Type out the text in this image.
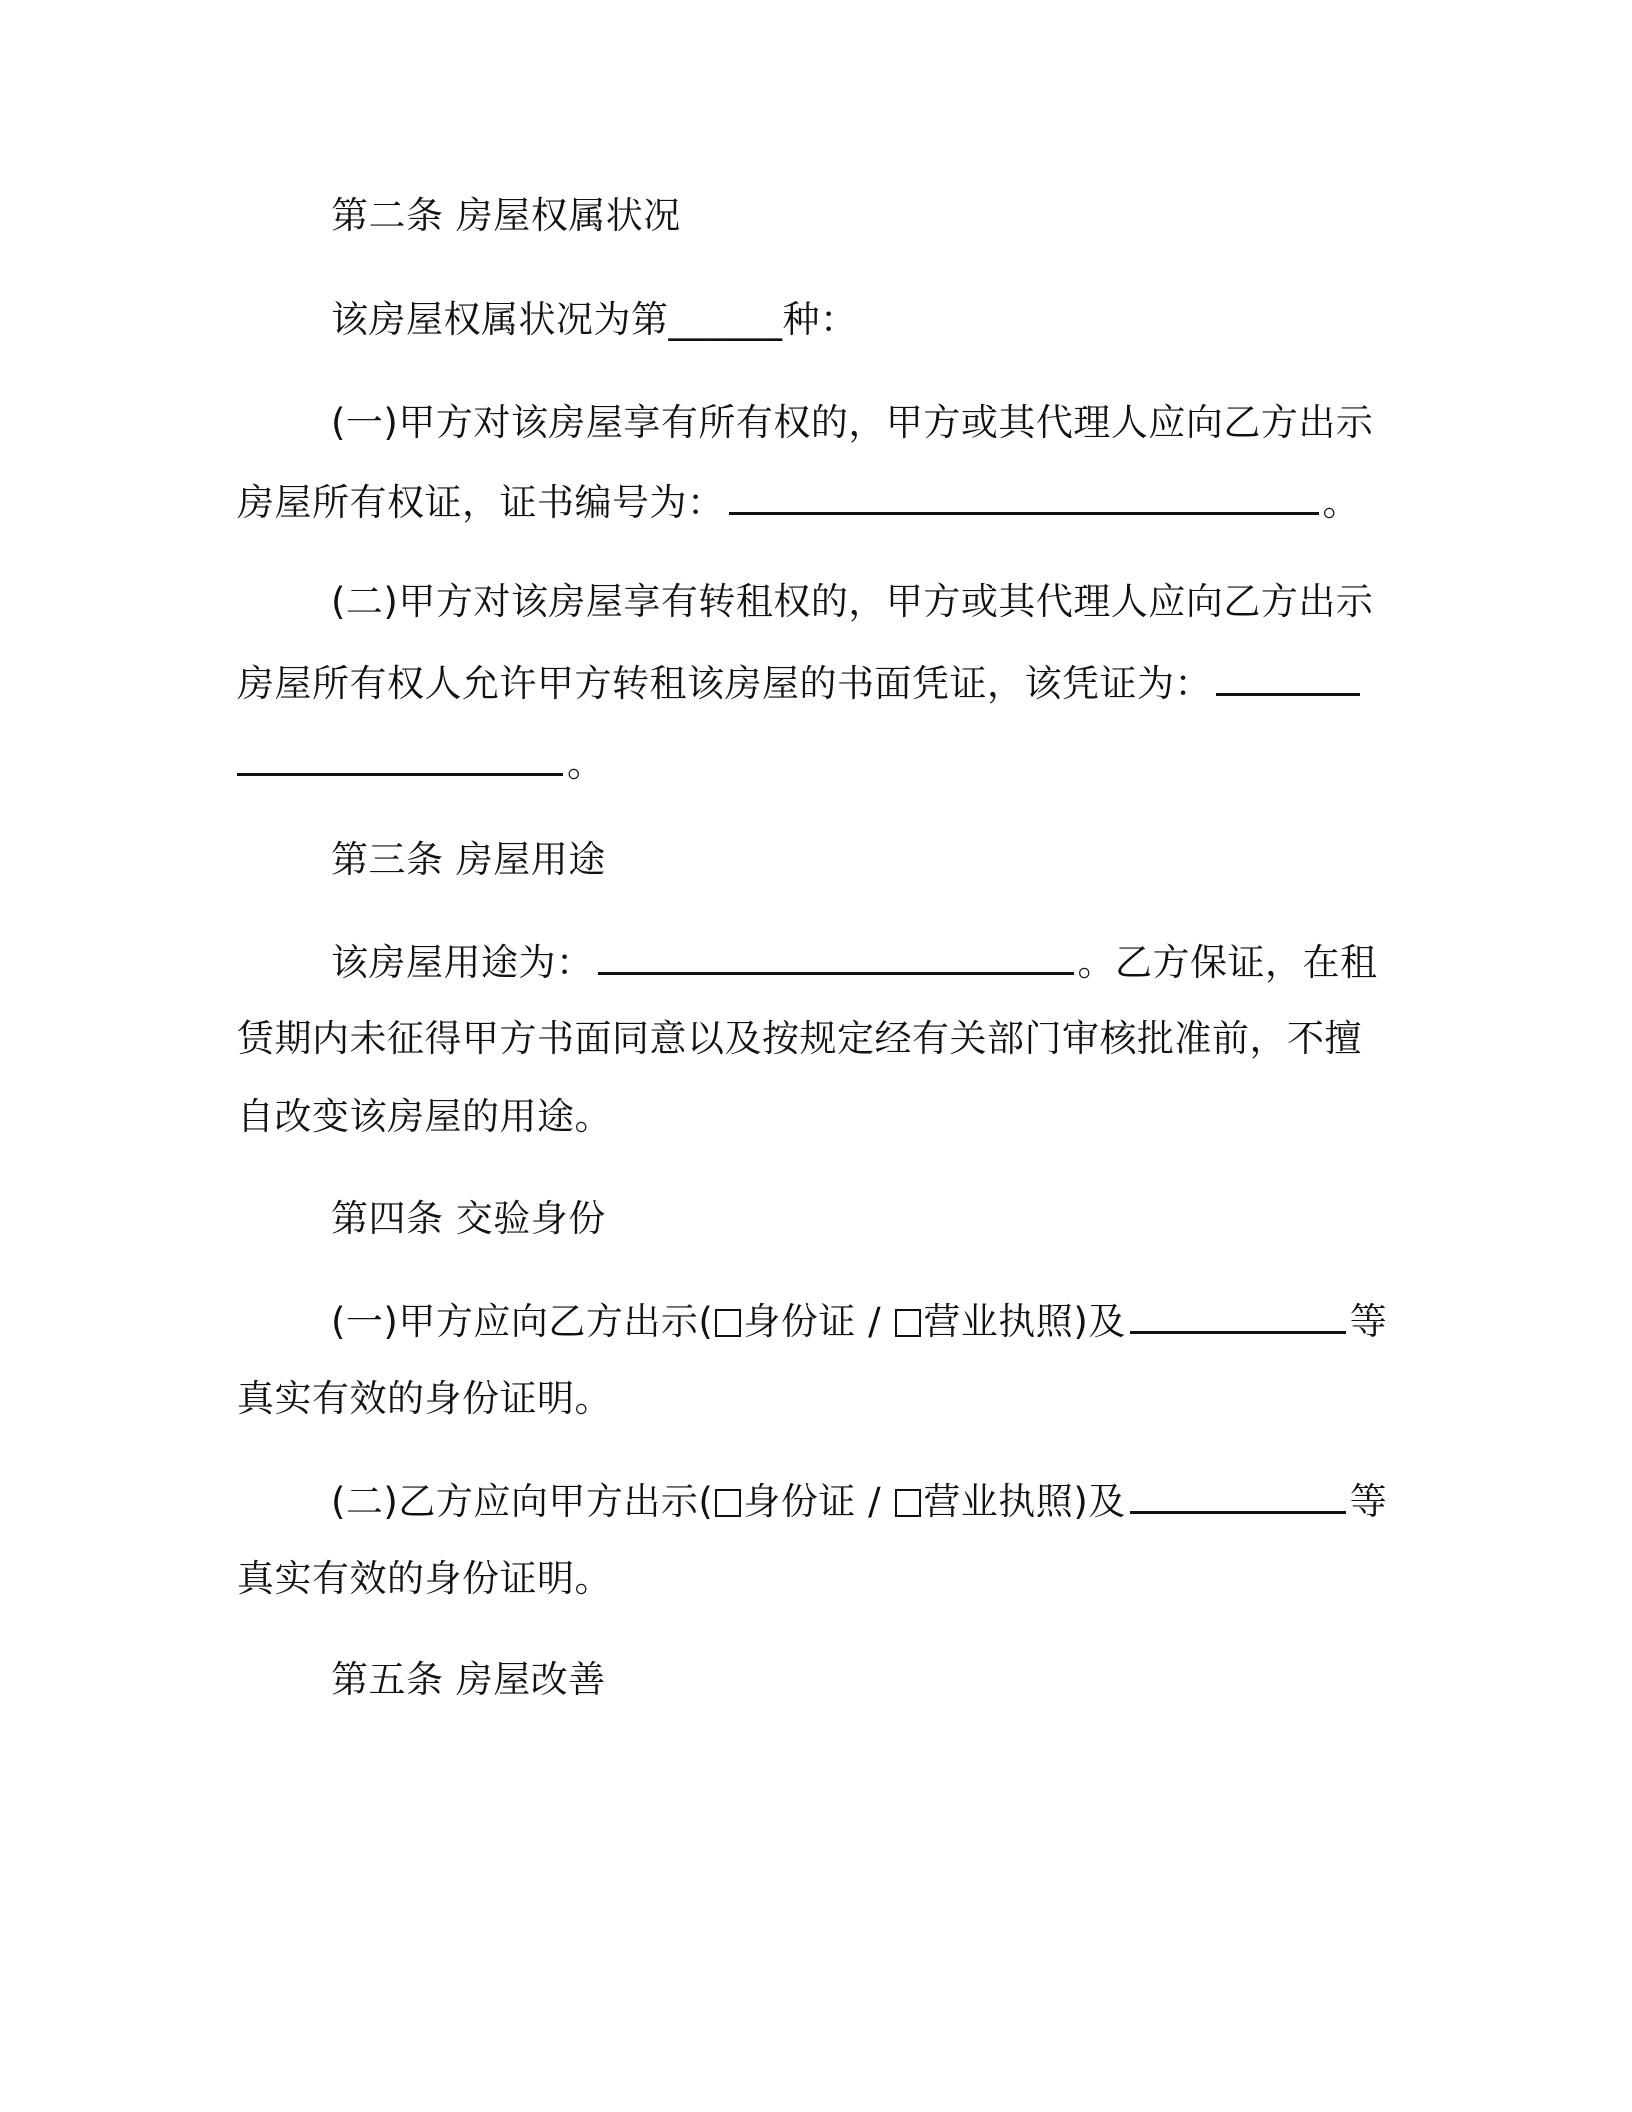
第二条 房屋权属状况
该房屋权属状况为第______种：
(一)甲方对该房屋享有所有权的，甲方或其代理人应向乙方出示
房屋所有权证，证书编号为：	。
(二)甲方对该房屋享有转租权的，甲方或其代理人应向乙方出示
房屋所有权人允许甲方转租该房屋的书面凭证，该凭证为：
。
第三条 房屋用途
该房屋用途为：	。乙方保证，在租
赁期内未征得甲方书面同意以及按规定经有关部门审核批准前，不擅
自改变该房屋的用途。
第四条 交验身份
(一)甲方应向乙方出示( 身份证 / 营业执照)及	等
真实有效的身份证明。
(二)乙方应向甲方出示( 身份证 / 营业执照)及	等
真实有效的身份证明。
第五条 房屋改善
